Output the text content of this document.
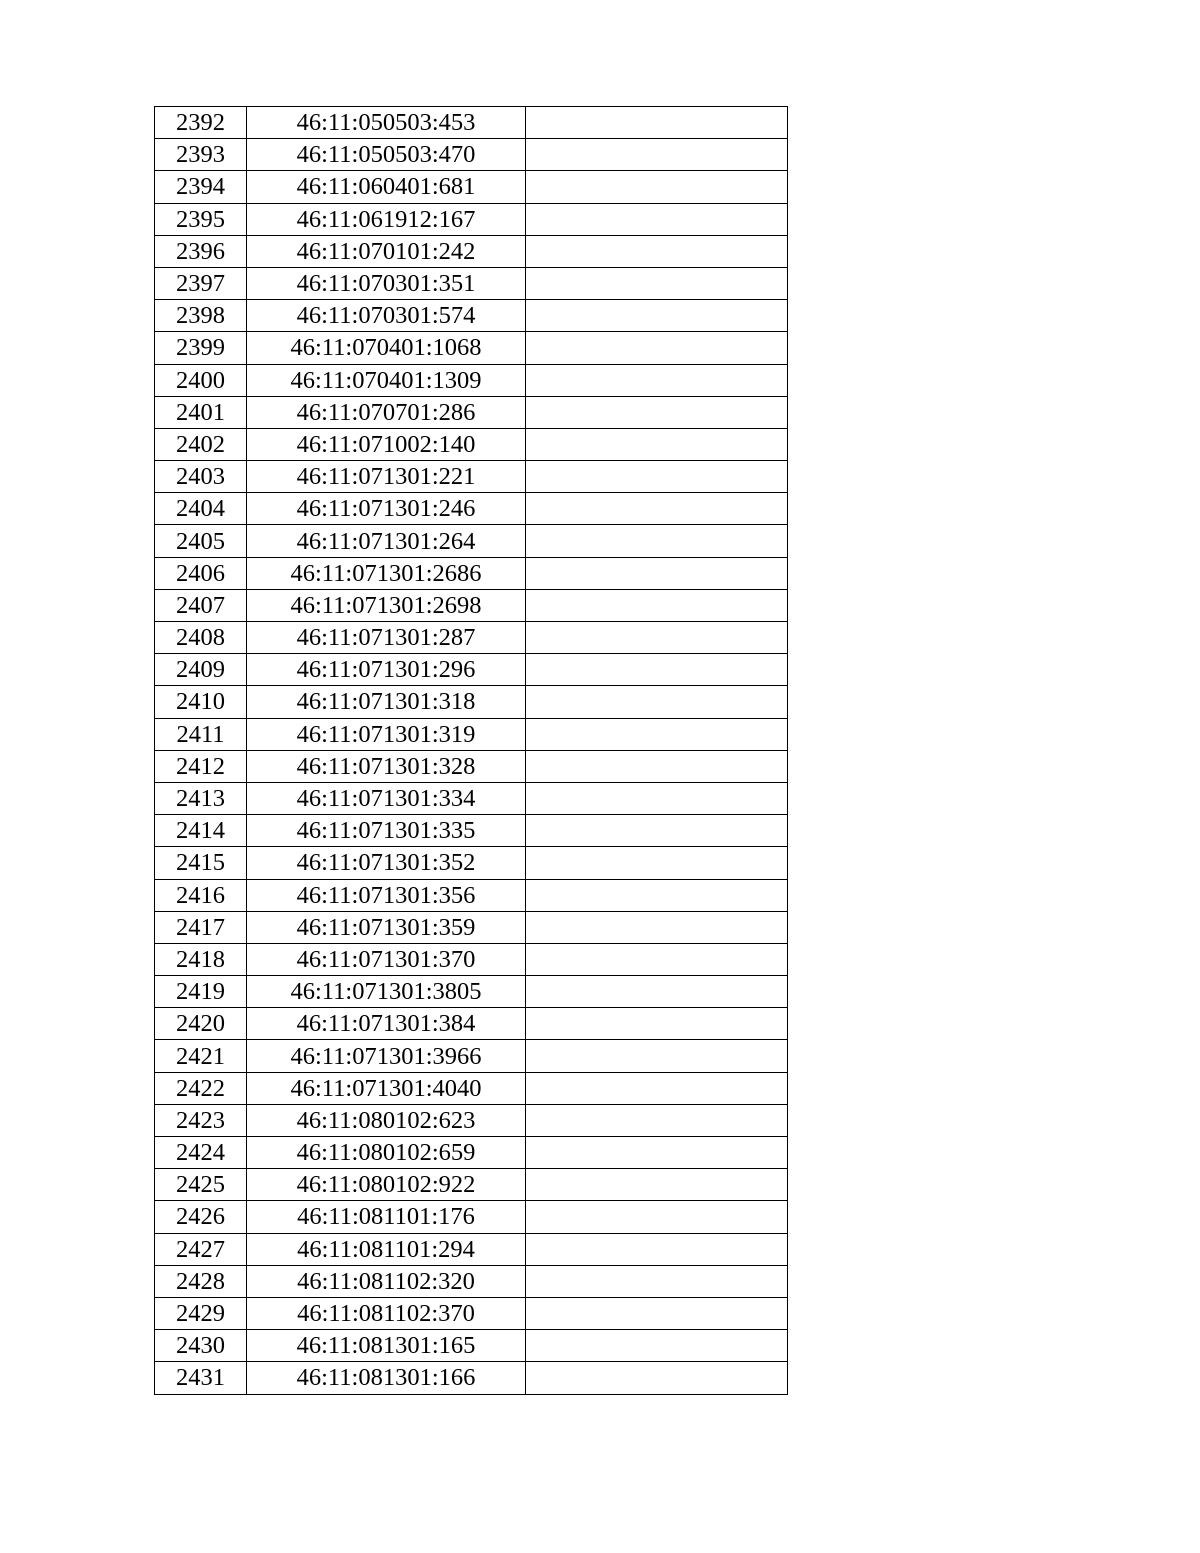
2392	46:11:050503:453	
2393	46:11:050503:470	
2394	46:11:060401:681	
2395	46:11:061912:167	
2396	46:11:070101:242	
2397	46:11:070301:351	
2398	46:11:070301:574	
2399	46:11:070401:1068	
2400	46:11:070401:1309	
2401	46:11:070701:286	
2402	46:11:071002:140	
2403	46:11:071301:221	
2404	46:11:071301:246	
2405	46:11:071301:264	
2406	46:11:071301:2686	
2407	46:11:071301:2698	
2408	46:11:071301:287	
2409	46:11:071301:296	
2410	46:11:071301:318	
2411	46:11:071301:319	
2412	46:11:071301:328	
2413	46:11:071301:334	
2414	46:11:071301:335	
2415	46:11:071301:352	
2416	46:11:071301:356	
2417	46:11:071301:359	
2418	46:11:071301:370	
2419	46:11:071301:3805	
2420	46:11:071301:384	
2421	46:11:071301:3966	
2422	46:11:071301:4040	
2423	46:11:080102:623	
2424	46:11:080102:659	
2425	46:11:080102:922	
2426	46:11:081101:176	
2427	46:11:081101:294	
2428	46:11:081102:320	
2429	46:11:081102:370	
2430	46:11:081301:165	
2431	46:11:081301:166	
